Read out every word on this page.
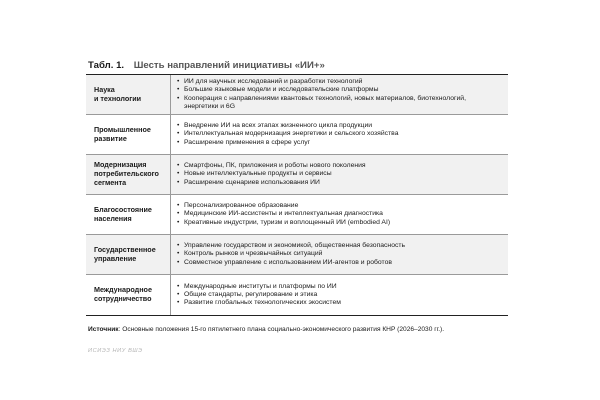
Табл. 1. Шесть направлений инициативы «ИИ+»
Наука
и технологии
• ИИ для научных исследований и разработки технологий
• Большие языковые модели и исследовательские платформы
• Кооперация с направлениями квантовых технологий, новых материалов, биотехнологий,
энергетики и 6G
Промышленное
развитие
• Внедрение ИИ на всех этапах жизненного цикла продукции
• Интеллектуальная модернизация энергетики и сельского хозяйства
• Расширение применения в сфере услуг
Модернизация
потребительского
сегмента
• Смартфоны, ПК, приложения и роботы нового поколения
• Новые интеллектуальные продукты и сервисы
• Расширение сценариев использования ИИ
Благосостояние
населения
• Персонализированное образование
• Медицинские ИИ-ассистенты и интеллектуальная диагностика
• Креативные индустрии, туризм и воплощенный ИИ (embodied AI)
Государственное
управление
• Управление государством и экономикой, общественная безопасность
• Контроль рынков и чрезвычайных ситуаций
• Совместное управление с использованием ИИ-агентов и роботов
Международное
сотрудничество
• Международные институты и платформы по ИИ
• Общие стандарты, регулирование и этика
• Развитие глобальных технологических экосистем
Источник: Основные положения 15-го пятилетнего плана социально-экономического развития КНР (2026–2030 гг.).
ИСИЭЗ НИУ ВШЭ
